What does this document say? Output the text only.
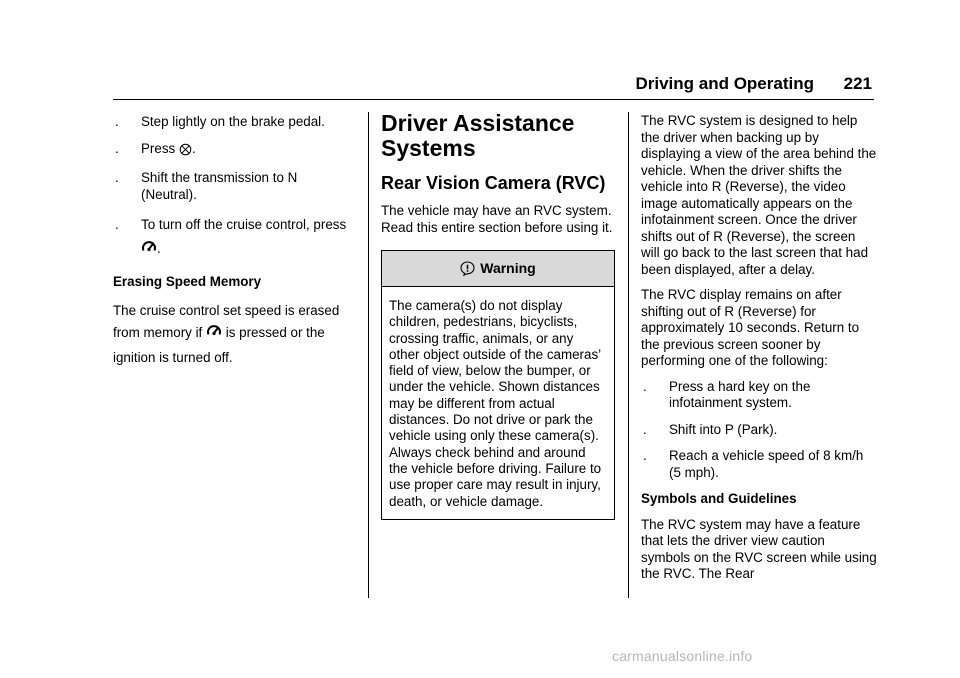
Driving and Operating 221
. Step lightly on the brake pedal.
. Press .
. Shift the transmission to N (Neutral).
. To turn off the cruise control, press .
Erasing Speed Memory

The cruise control set speed is erased from memory if is pressed or the ignition is turned off.

Driver Assistance Systems
Rear Vision Camera (RVC)

The vehicle may have an RVC system. Read this entire section before using it.

Warning
The camera(s) do not display children, pedestrians, bicyclists, crossing traffic, animals, or any other object outside of the cameras’ field of view, below the bumper, or under the vehicle. Shown distances may be different from actual distances. Do not drive or park the vehicle using only these camera(s). Always check behind and around the vehicle before driving. Failure to use proper care may result in injury, death, or vehicle damage.

The RVC system is designed to help the driver when backing up by displaying a view of the area behind the vehicle. When the driver shifts the vehicle into R (Reverse), the video image automatically appears on the infotainment screen. Once the driver shifts out of R (Reverse), the screen will go back to the last screen that had been displayed, after a delay.

The RVC display remains on after shifting out of R (Reverse) for approximately 10 seconds. Return to the previous screen sooner by performing one of the following:

. Press a hard key on the infotainment system.
. Shift into P (Park).
. Reach a vehicle speed of 8 km/h (5 mph).
Symbols and Guidelines

The RVC system may have a feature that lets the driver view caution symbols on the RVC screen while using the RVC. The Rear

carmanualsonline.info
